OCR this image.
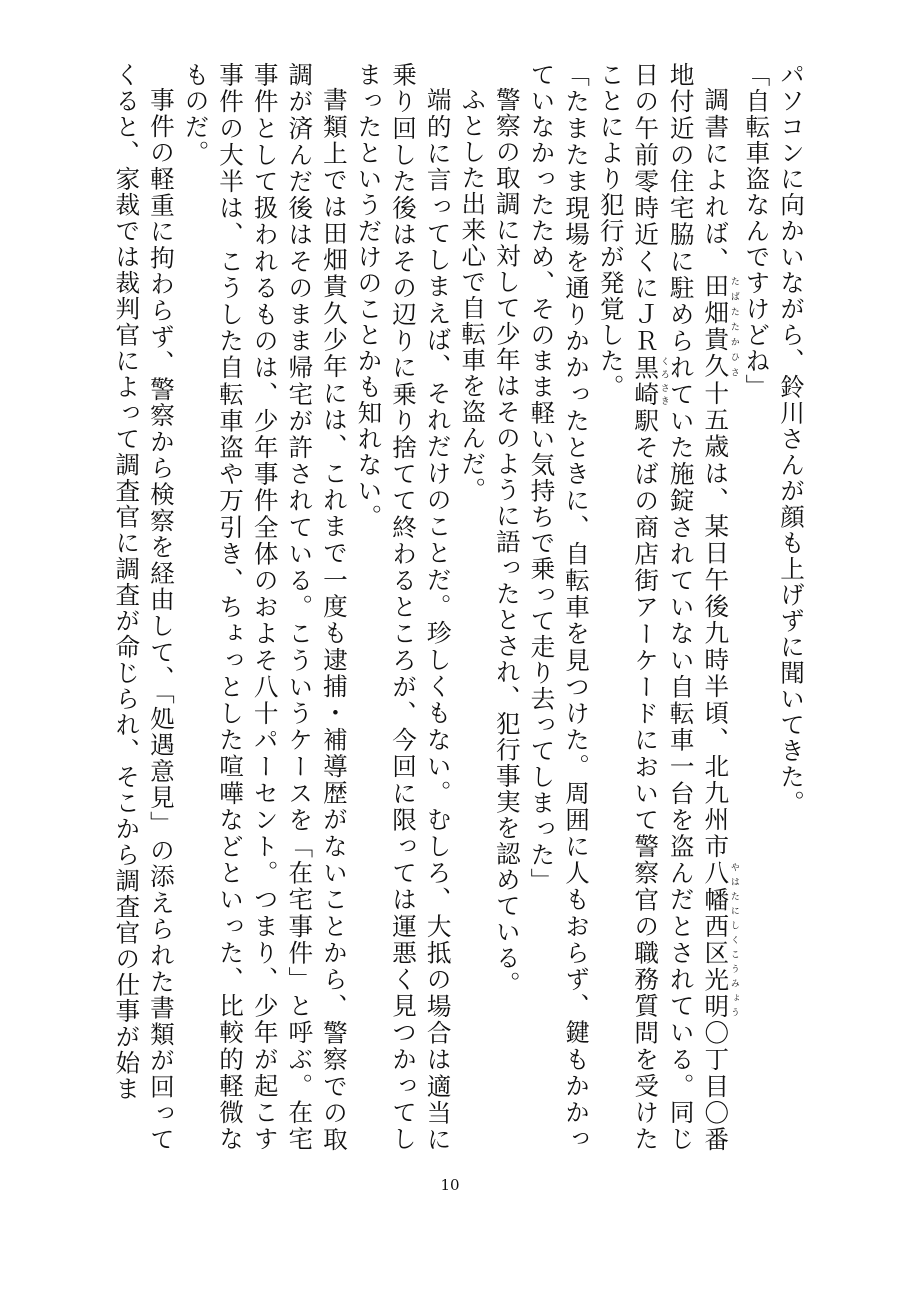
パソコンに向かいながら、鈴川さんが顔も上げずに聞いてきた。

「自転車盗なんですけどね」

調書によれば、田畑貴久たばたたかひさ十五歳は、某日午後九時半頃、北九州市八幡西区光明やはたにしくこうみょう〇丁目〇番地付近の住宅脇に駐められていた施錠されていない自転車一台を盗んだとされている。同じ日の午前零時近くにＪＲ黒崎くろさき駅そばの商店街アーケードにおいて警察官の職務質問を受けたことにより犯行が発覚した。

「たまたま現場を通りかかったときに、自転車を見つけた。周囲に人もおらず、鍵もかかっていなかったため、そのまま軽い気持ちで乗って走り去ってしまった」

警察の取調に対して少年はそのように語ったとされ、犯行事実を認めている。

ふとした出来心で自転車を盗んだ。

端的に言ってしまえば、それだけのことだ。珍しくもない。むしろ、大抵の場合は適当に乗り回した後はその辺りに乗り捨てて終わるところが、今回に限っては運悪く見つかってしまったというだけのことかも知れない。

書類上では田畑貴久少年には、これまで一度も逮捕・補導歴がないことから、警察での取調が済んだ後はそのまま帰宅が許されている。こういうケースを「在宅事件」と呼ぶ。在宅事件として扱われるものは、少年事件全体のおよそ八十パーセント。つまり、少年が起こす事件の大半は、こうした自転車盗や万引き、ちょっとした喧嘩などといった、比較的軽微なものだ。

事件の軽重に拘わらず、警察から検察を経由して、「処遇意見」の添えられた書類が回ってくると、家裁では裁判官によって調査官に調査が命じられ、そこから調査官の仕事が始ま

10
